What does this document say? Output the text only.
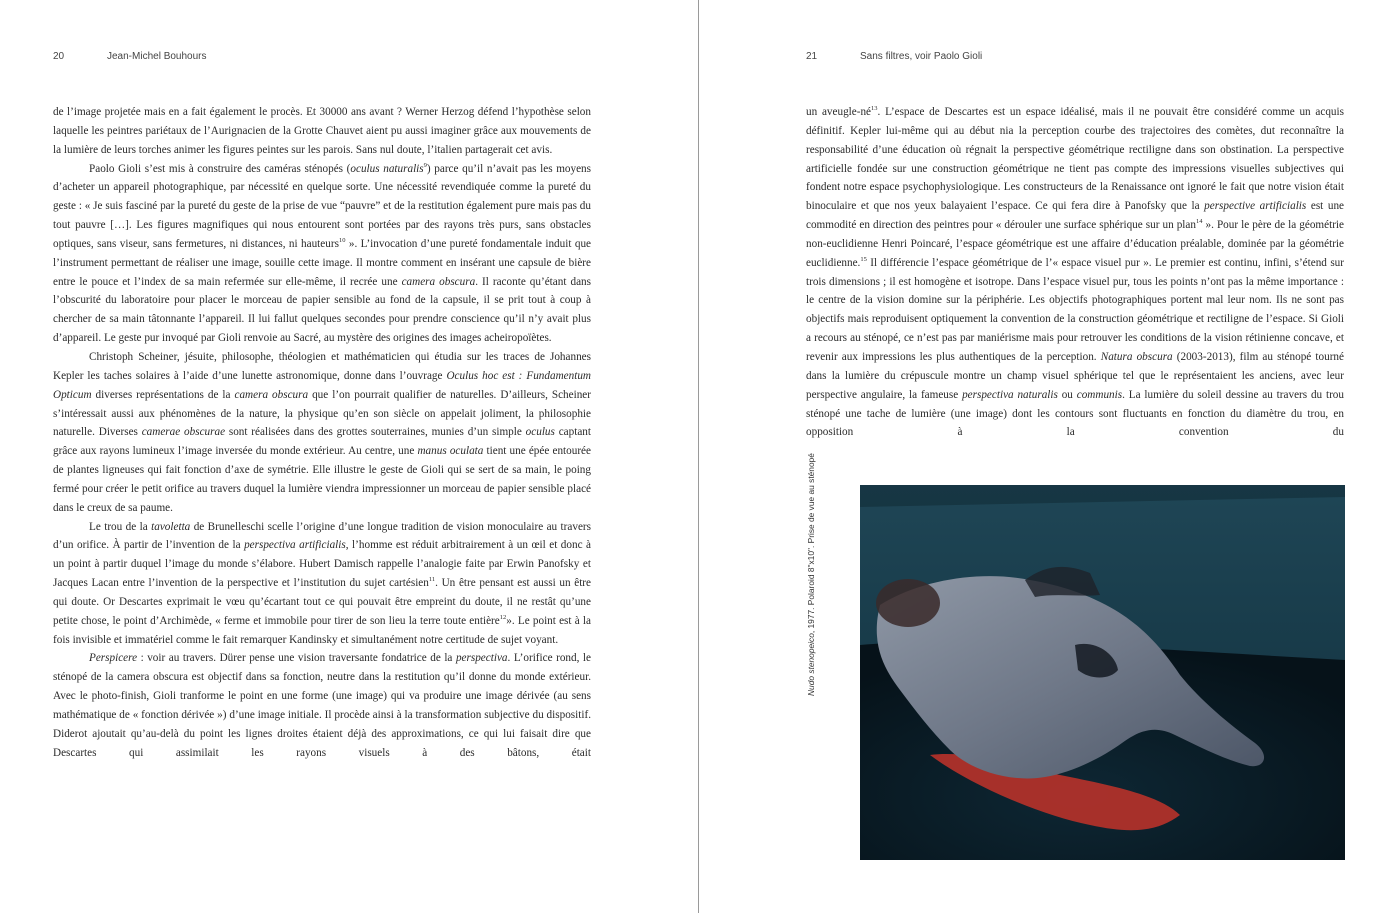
20	Jean-Michel Bouhours

de l’image projetée mais en a fait également le procès. Et 30000 ans avant ? Werner Herzog défend l’hypothèse selon laquelle les peintres pariétaux de l’Aurignacien de la Grotte Chauvet aient pu aussi imaginer grâce aux mouvements de la lumière de leurs torches animer les figures peintes sur les parois. Sans nul doute, l’italien partagerait cet avis.

Paolo Gioli s’est mis à construire des caméras sténopés (oculus naturalis$^9$) parce qu’il n’avait pas les moyens d’acheter un appareil photographique, par nécessité en quelque sorte. Une nécessité revendiquée comme la pureté du geste : « Je suis fasciné par la pureté du geste de la prise de vue “pauvre” et de la restitution également pure mais pas du tout pauvre […]. Les figures magnifiques qui nous entourent sont portées par des rayons très purs, sans obstacles optiques, sans viseur, sans fermetures, ni distances, ni hauteurs$^{10}$ ». L’invocation d’une pureté fondamentale induit que l’instrument permettant de réaliser une image, souille cette image. Il montre comment en insérant une capsule de bière entre le pouce et l’index de sa main refermée sur elle-même, il recrée une camera obscura. Il raconte qu’étant dans l’obscurité du laboratoire pour placer le morceau de papier sensible au fond de la capsule, il se prit tout à coup à chercher de sa main tâtonnante l’appareil. Il lui fallut quelques secondes pour prendre conscience qu’il n’y avait plus d’appareil. Le geste pur invoqué par Gioli renvoie au Sacré, au mystère des origines des images acheiropoïètes.

Christoph Scheiner, jésuite, philosophe, théologien et mathématicien qui étudia sur les traces de Johannes Kepler les taches solaires à l’aide d’une lunette astronomique, donne dans l’ouvrage Oculus hoc est : Fundamentum Opticum diverses représentations de la camera obscura que l’on pourrait qualifier de naturelles. D’ailleurs, Scheiner s’intéressait aussi aux phénomènes de la nature, la physique qu’en son siècle on appelait joliment, la philosophie naturelle. Diverses camerae obscurae sont réalisées dans des grottes souterraines, munies d’un simple oculus captant grâce aux rayons lumineux l’image inversée du monde extérieur. Au centre, une manus oculata tient une épée entourée de plantes ligneuses qui fait fonction d’axe de symétrie. Elle illustre le geste de Gioli qui se sert de sa main, le poing fermé pour créer le petit orifice au travers duquel la lumière viendra impressionner un morceau de papier sensible placé dans le creux de sa paume.

Le trou de la tavoletta de Brunelleschi scelle l’origine d’une longue tradition de vision monoculaire au travers d’un orifice. À partir de l’invention de la perspectiva artificialis, l’homme est réduit arbitrairement à un œil et donc à un point à partir duquel l’image du monde s’élabore. Hubert Damisch rappelle l’analogie faite par Erwin Panofsky et Jacques Lacan entre l’invention de la perspective et l’institution du sujet cartésien$^{11}$. Un être pensant est aussi un être qui doute. Or Descartes exprimait le vœu qu’écartant tout ce qui pouvait être empreint du doute, il ne restât qu’une petite chose, le point d’Archimède, « ferme et immobile pour tirer de son lieu la terre toute entière$^{12}$». Le point est à la fois invisible et immatériel comme le fait remarquer Kandinsky et simultanément notre certitude de sujet voyant.

Perspicere : voir au travers. Dürer pense une vision traversante fondatrice de la perspectiva. L’orifice rond, le sténopé de la camera obscura est objectif dans sa fonction, neutre dans la restitution qu’il donne du monde extérieur. Avec le photo-finish, Gioli tranforme le point en une forme (une image) qui va produire une image dérivée (au sens mathématique de « fonction dérivée ») d’une image initiale. Il procède ainsi à la transformation subjective du dispositif. Diderot ajoutait qu’au-delà du point les lignes droites étaient déjà des approximations, ce qui lui faisait dire que Descartes qui assimilait les rayons visuels à des bâtons, était

21	Sans filtres, voir Paolo Gioli

un aveugle-$né^{13}$. L’espace de Descartes est un espace idéalisé, mais il ne pouvait être considéré comme un acquis définitif. Kepler lui-même qui au début nia la perception courbe des trajectoires des comètes, dut reconnaître la responsabilité d’une éducation où régnait la perspective géométrique rectiligne dans son obstination. La perspective artificielle fondée sur une construction géométrique ne tient pas compte des impressions visuelles subjectives qui fondent notre espace psychophysiologique. Les constructeurs de la Renaissance ont ignoré le fait que notre vision était binoculaire et que nos yeux balayaient l’espace. Ce qui fera dire à Panofsky que la perspective artificialis est une commodité en direction des peintres pour « dérouler une surface sphérique sur un plan$^{14}$ ». Pour le père de la géométrie non-euclidienne Henri Poincaré, l’espace géométrique est une affaire d’éducation préalable, dominée par la géométrie euclidienne.$^{15}$ Il différencie l’espace géométrique de l’« espace visuel pur ». Le premier est continu, infini, s’étend sur trois dimensions ; il est homogène et isotrope. Dans l’espace visuel pur, tous les points n’ont pas la même importance : le centre de la vision domine sur la périphérie. Les objectifs photographiques portent mal leur nom. Ils ne sont pas objectifs mais reproduisent optiquement la convention de la construction géométrique et rectiligne de l’espace. Si Gioli a recours au sténopé, ce n’est pas par maniérisme mais pour retrouver les conditions de la vision rétinienne concave, et revenir aux impressions les plus authentiques de la perception. Natura obscura (2003-2013), film au sténopé tourné dans la lumière du crépuscule montre un champ visuel sphérique tel que le représentaient les anciens, avec leur perspective angulaire, la fameuse perspectiva naturalis ou communis. La lumière du soleil dessine au travers du trou sténopé une tache de lumière (une image) dont les contours sont fluctuants en fonction du diamètre du trou, en opposition à la convention du

Nudo stenopeico, 1977. Polaroid 8"x10". Prise de vue au sténopé
